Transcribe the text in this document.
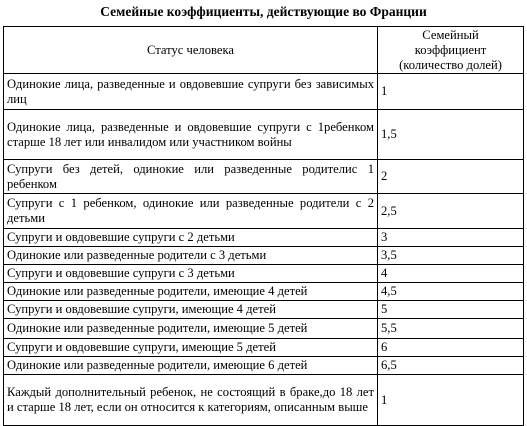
Семейные коэффициенты, действующие во Франции
Статус человека	Семейный
коэффициент
(количество долей)
Одинокие лица, разведенные и овдовевшие супруги без зависимых лиц	1
Одинокие лица, разведенные и овдовевшие супруги с 1ребенком старше 18 лет или инвалидом или участником войны	1,5
Супруги без детей, одинокие или разведенные родителис 1 ребенком	2
Супруги с 1 ребенком, одинокие или разведенные родители с 2 детьми	2,5
Супруги и овдовевшие супруги с 2 детьми	3
Одинокие или разведенные родители с 3 детьми	3,5
Супруги и овдовевшие супруги с 3 детьми	4
Одинокие или разведенные родители, имеющие 4 детей	4,5
Супруги и овдовевшие супруги, имеющие 4 детей	5
Одинокие или разведенные родители, имеющие 5 детей	5,5
Супруги и овдовевшие супруги, имеющие 5 детей	6
Одинокие или разведенные родители, имеющие 6 детей	6,5
Каждый дополнительный ребенок, не состоящий в браке,до 18 лет и старше 18 лет, если он относится к категориям, описанным выше	1
